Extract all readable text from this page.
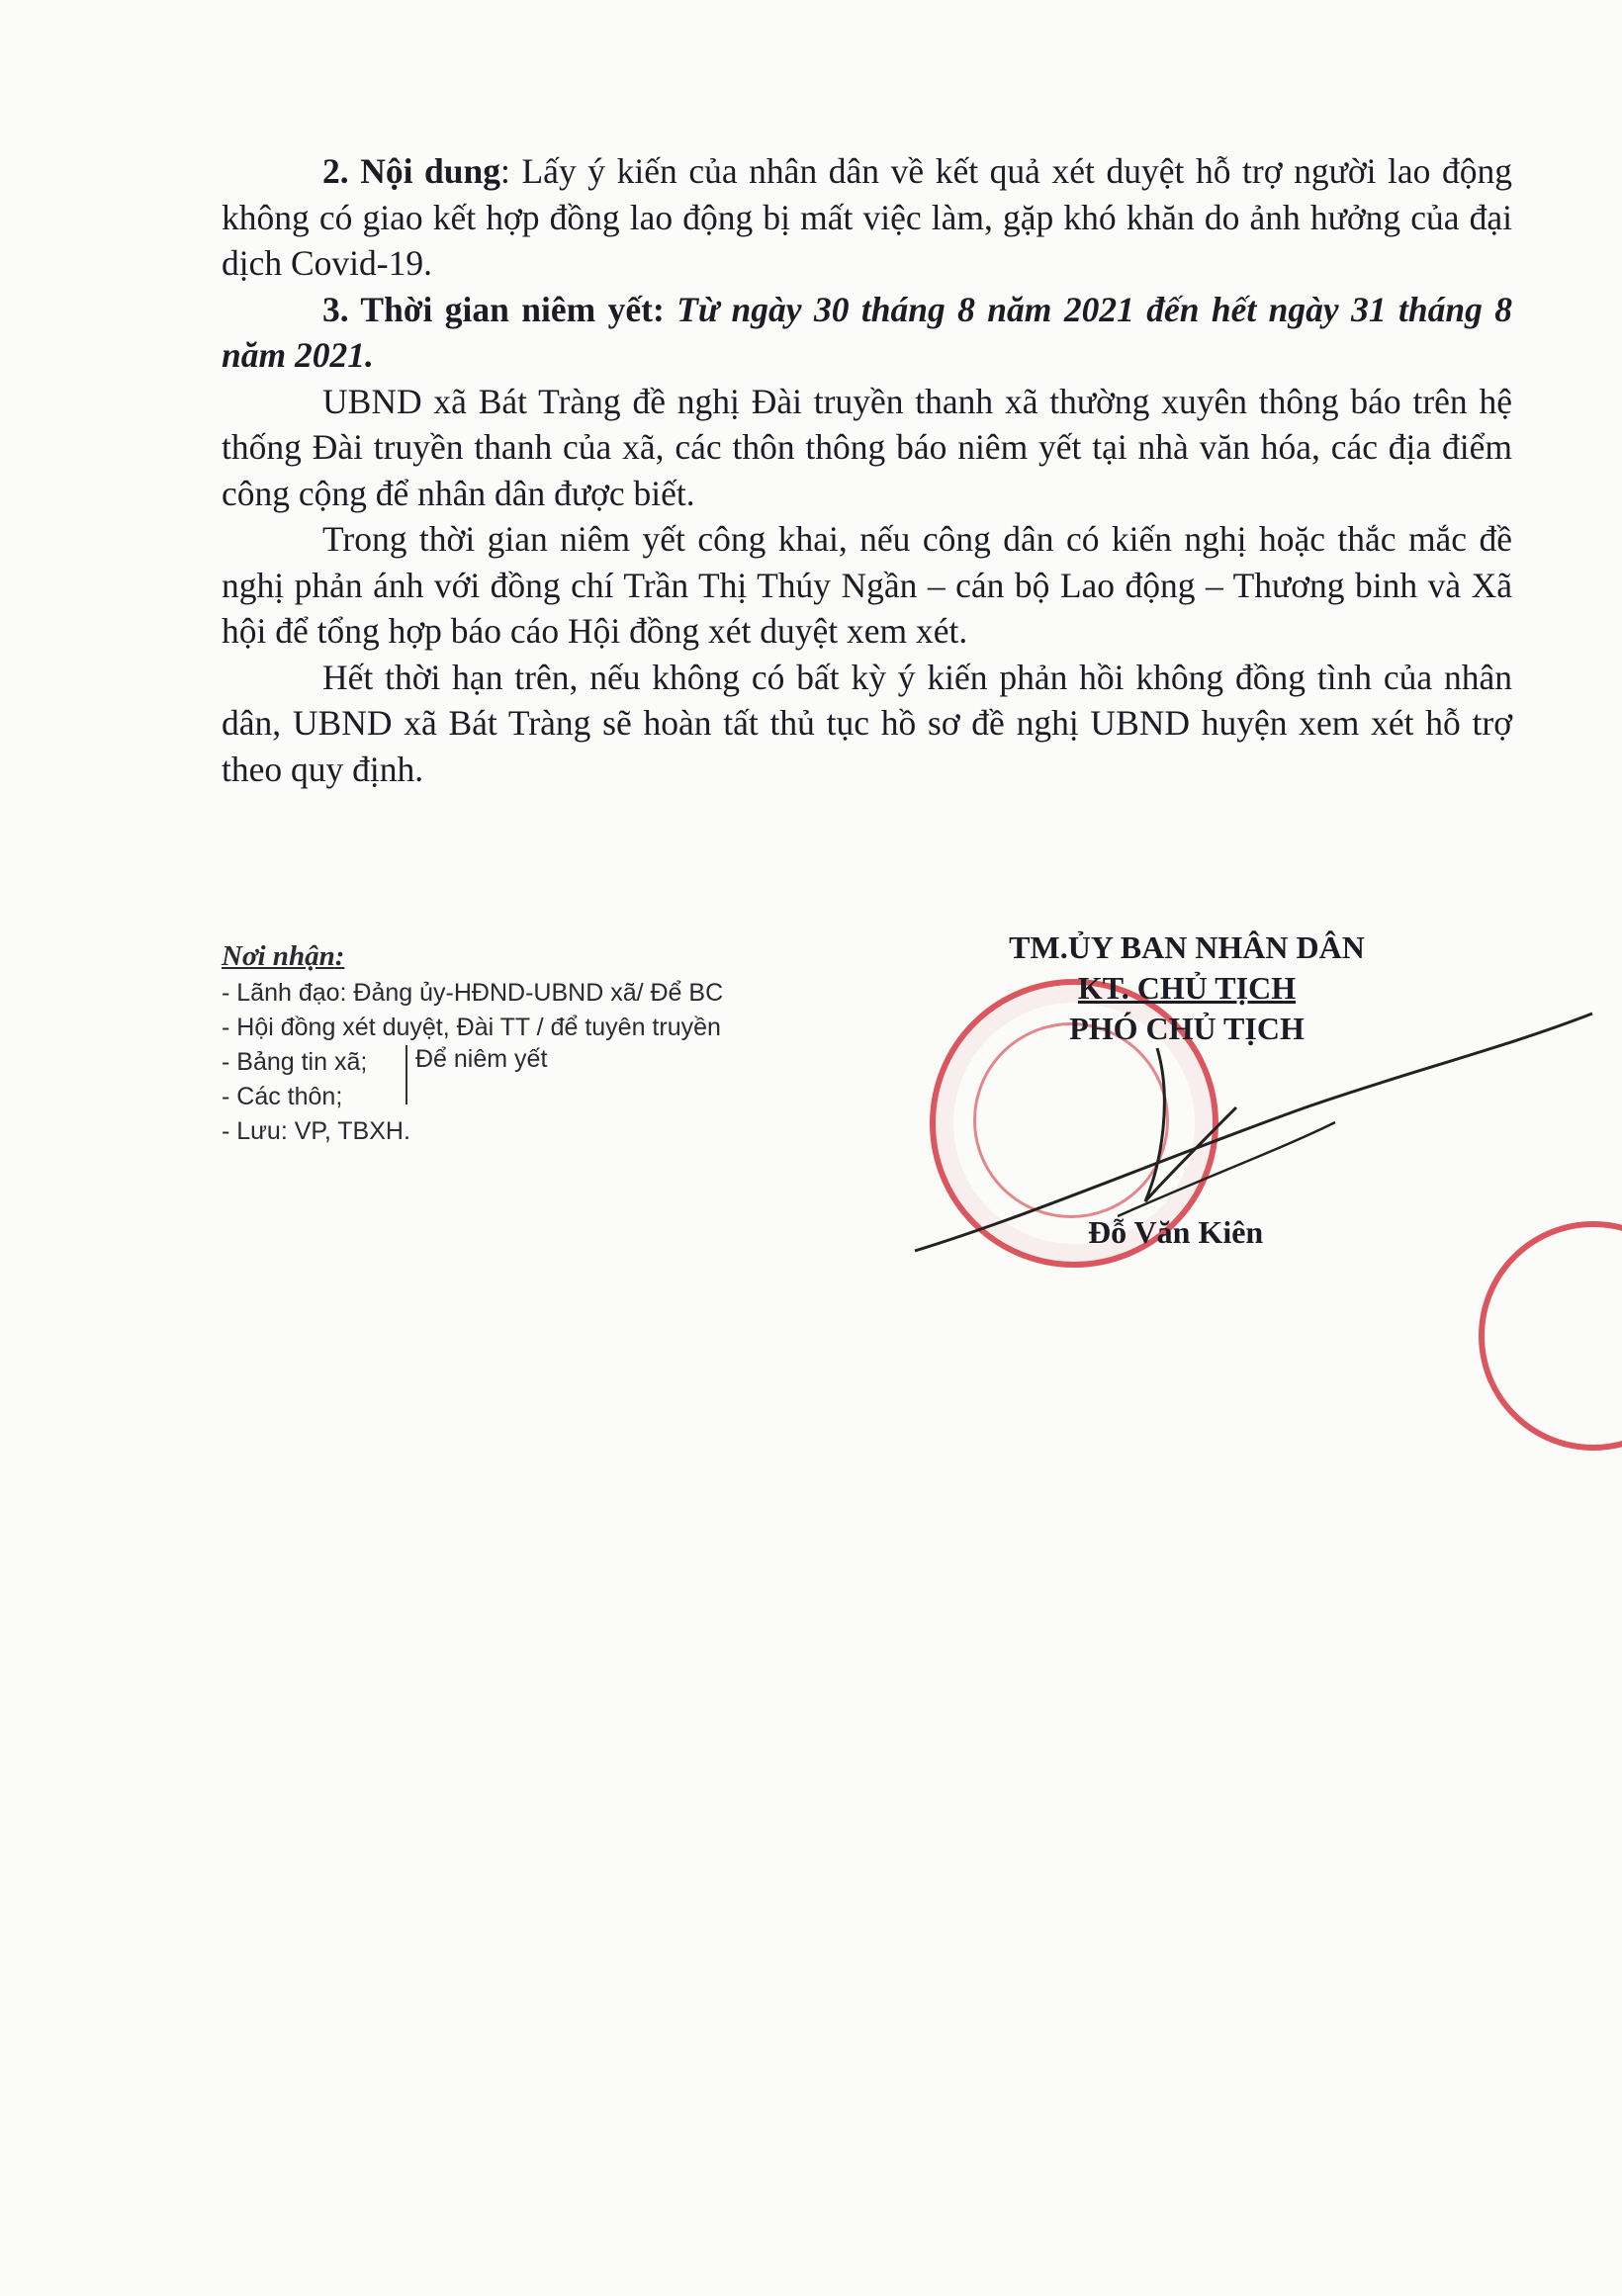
2. Nội dung: Lấy ý kiến của nhân dân về kết quả xét duyệt hỗ trợ người lao động không có giao kết hợp đồng lao động bị mất việc làm, gặp khó khăn do ảnh hưởng của đại dịch Covid-19.

3. Thời gian niêm yết: Từ ngày 30 tháng 8 năm 2021 đến hết ngày 31 tháng 8 năm 2021.

UBND xã Bát Tràng đề nghị Đài truyền thanh xã thường xuyên thông báo trên hệ thống Đài truyền thanh của xã, các thôn thông báo niêm yết tại nhà văn hóa, các địa điểm công cộng để nhân dân được biết.

Trong thời gian niêm yết công khai, nếu công dân có kiến nghị hoặc thắc mắc đề nghị phản ánh với đồng chí Trần Thị Thúy Ngần – cán bộ Lao động – Thương binh và Xã hội để tổng hợp báo cáo Hội đồng xét duyệt xem xét.

Hết thời hạn trên, nếu không có bất kỳ ý kiến phản hồi không đồng tình của nhân dân, UBND xã Bát Tràng sẽ hoàn tất thủ tục hồ sơ đề nghị UBND huyện xem xét hỗ trợ theo quy định.

Nơi nhận:
- Lãnh đạo: Đảng ủy-HĐND-UBND xã/ Để BC
- Hội đồng xét duyệt, Đài TT / để tuyên truyền
- Bảng tin xã;
- Các thôn;
- Lưu: VP, TBXH.
Để niêm yết
TM.ỦY BAN NHÂN DÂN
KT. CHỦ TỊCH
PHÓ CHỦ TỊCH
Đỗ Văn Kiên
